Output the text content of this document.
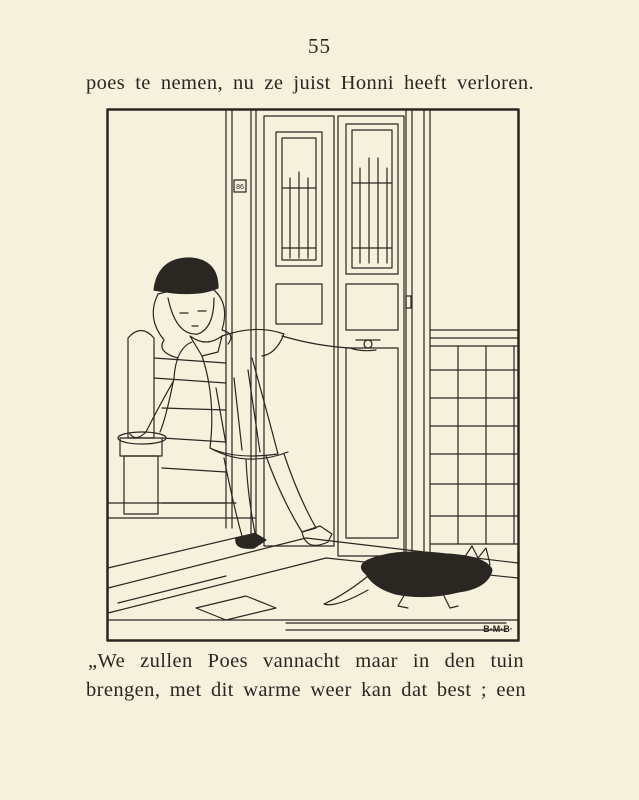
55
poes te nemen, nu ze juist Honni heeft verloren.
86
B·M·B·
„We zullen Poes vannacht maar in den tuin
brengen, met dit warme weer kan dat best ; een
